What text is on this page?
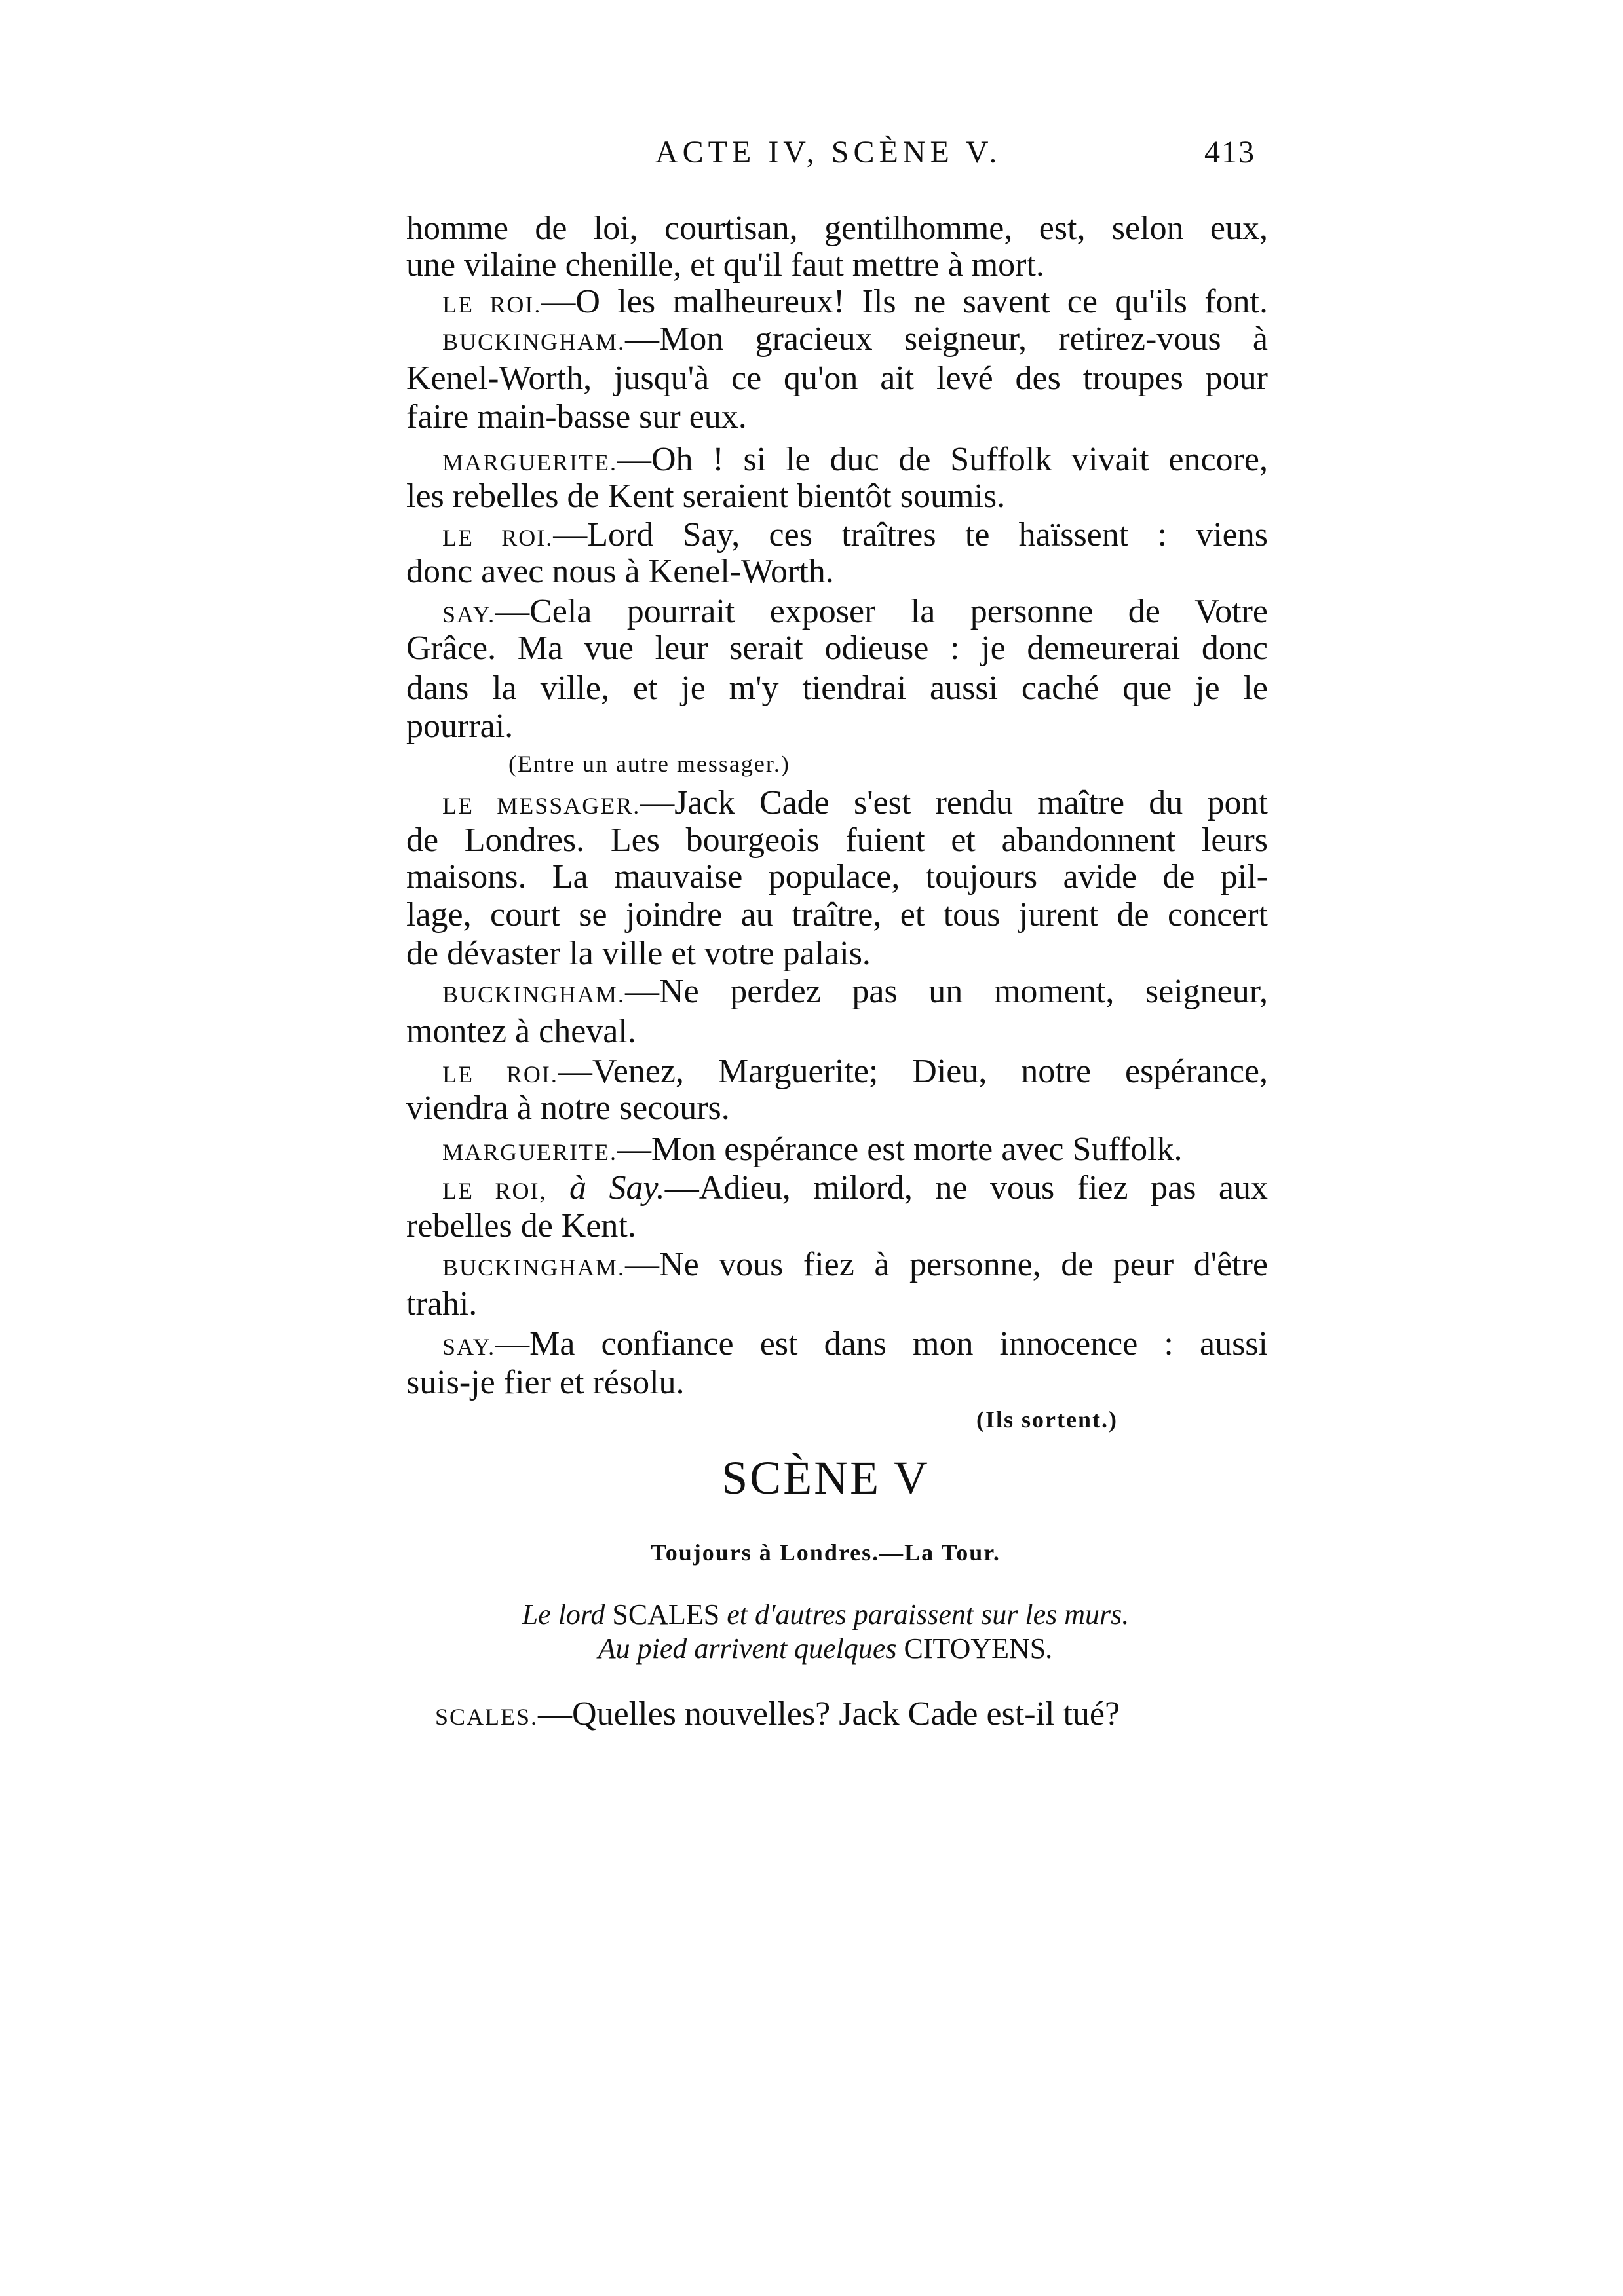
ACTE IV, SCÈNE V.	413
homme de loi, courtisan, gentilhomme, est, selon eux,
une vilaine chenille, et qu'il faut mettre à mort.
LE ROI.—O les malheureux! Ils ne savent ce qu'ils font.
BUCKINGHAM.—Mon gracieux seigneur, retirez-vous à
Kenel-Worth, jusqu'à ce qu'on ait levé des troupes pour
faire main-basse sur eux.
MARGUERITE.—Oh ! si le duc de Suffolk vivait encore,
les rebelles de Kent seraient bientôt soumis.
LE ROI.—Lord Say, ces traîtres te haïssent : viens
donc avec nous à Kenel-Worth.
SAY.—Cela pourrait exposer la personne de Votre
Grâce. Ma vue leur serait odieuse : je demeurerai donc
dans la ville, et je m'y tiendrai aussi caché que je le
pourrai.
(Entre un autre messager.)
LE MESSAGER.—Jack Cade s'est rendu maître du pont
de Londres. Les bourgeois fuient et abandonnent leurs
maisons. La mauvaise populace, toujours avide de pil-
lage, court se joindre au traître, et tous jurent de concert
de dévaster la ville et votre palais.
BUCKINGHAM.—Ne perdez pas un moment, seigneur,
montez à cheval.
LE ROI.—Venez, Marguerite; Dieu, notre espérance,
viendra à notre secours.
MARGUERITE.—Mon espérance est morte avec Suffolk.
LE ROI, à Say.—Adieu, milord, ne vous fiez pas aux
rebelles de Kent.
BUCKINGHAM.—Ne vous fiez à personne, de peur d'être
trahi.
SAY.—Ma confiance est dans mon innocence : aussi
suis-je fier et résolu.
(Ils sortent.)
SCÈNE V
Toujours à Londres.—La Tour.
Le lord SCALES et d'autres paraissent sur les murs.
Au pied arrivent quelques CITOYENS.
SCALES.—Quelles nouvelles? Jack Cade est-il tué?
